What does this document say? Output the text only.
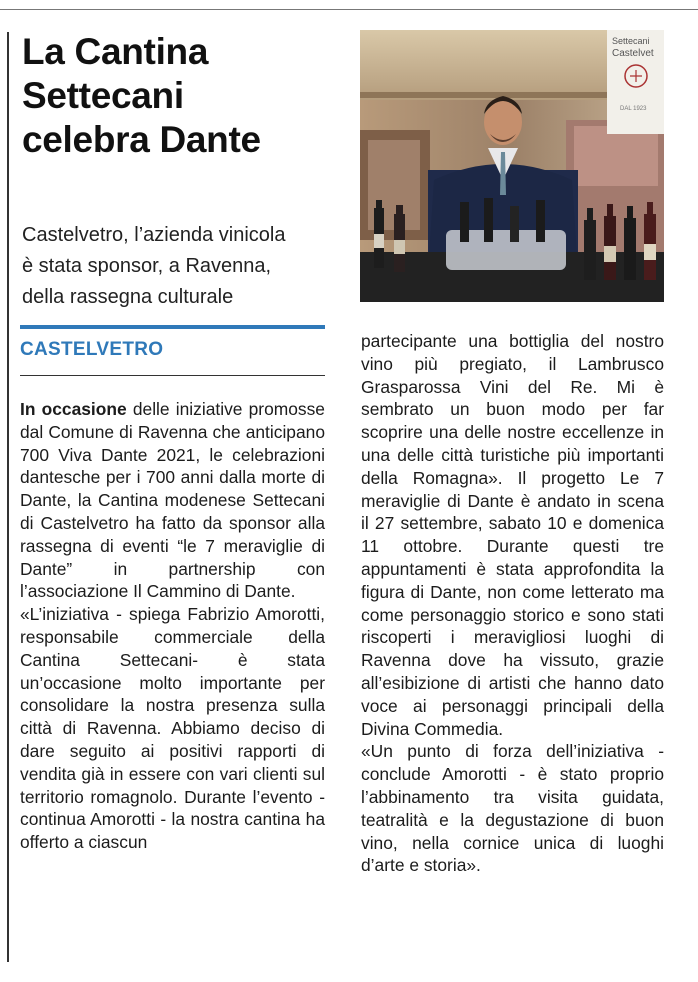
La Cantina
Settecani
celebra Dante
Castelvetro, l’azienda vinicola
è stata sponsor, a Ravenna,
della rassegna culturale
Settecani
Castelvet
DAL 1923
CASTELVETRO

In occasione delle iniziative promosse dal Comune di Ravenna che anticipano 700 Viva Dante 2021, le celebrazioni dantesche per i 700 anni dalla morte di Dante, la Cantina modenese Settecani di Castelvetro ha fatto da sponsor alla rassegna di eventi “le 7 meraviglie di Dante” in partnership con l’associazione Il Cammino di Dante.

«L’iniziativa - spiega Fabrizio Amorotti, responsabile commerciale della Cantina Settecani- è stata un’occasione molto importante per consolidare la nostra presenza sulla città di Ravenna. Abbiamo deciso di dare seguito ai positivi rapporti di vendita già in essere con vari clienti sul territorio romagnolo. Durante l’evento - continua Amorotti - la nostra cantina ha offerto a ciascun

partecipante una bottiglia del nostro vino più pregiato, il Lambrusco Grasparossa Vini del Re. Mi è sembrato un buon modo per far scoprire una delle nostre eccellenze in una delle città turistiche più importanti della Romagna». Il progetto Le 7 meraviglie di Dante è andato in scena il 27 settembre, sabato 10 e domenica 11 ottobre. Durante questi tre appuntamenti è stata approfondita la figura di Dante, non come letterato ma come personaggio storico e sono stati riscoperti i meravigliosi luoghi di Ravenna dove ha vissuto, grazie all’esibizione di artisti che hanno dato voce ai personaggi principali della Divina Commedia.

«Un punto di forza dell’iniziativa - conclude Amorotti - è stato proprio l’abbinamento tra visita guidata, teatralità e la degustazione di buon vino, nella cornice unica di luoghi d’arte e storia».
